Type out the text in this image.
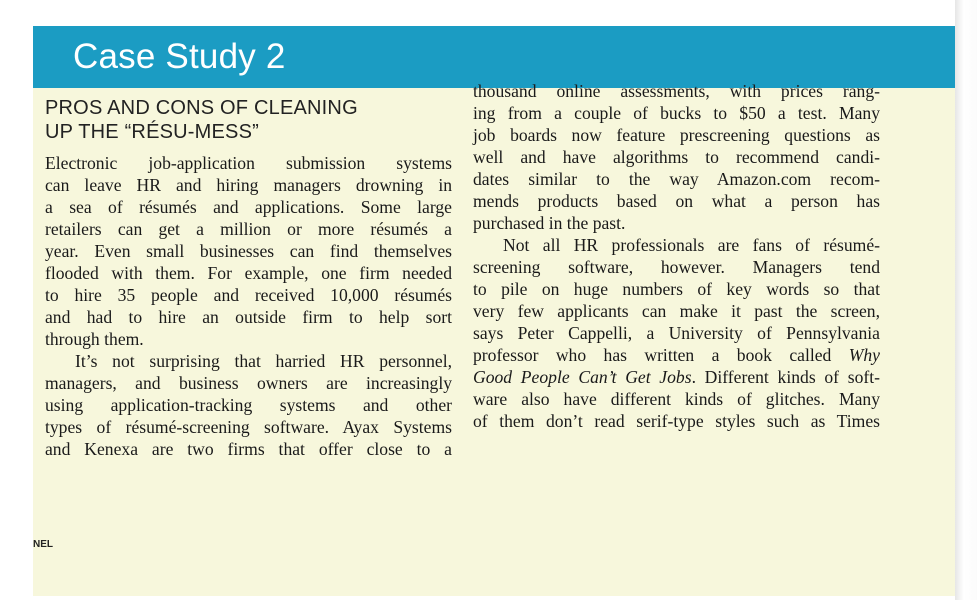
Case Study 2
PROS AND CONS OF CLEANING
UP THE “RÉSU-MESS”
Electronic job-application submission systems
can leave HR and hiring managers drowning in
a sea of résumés and applications. Some large
retailers can get a million or more résumés a
year. Even small businesses can find themselves
flooded with them. For example, one firm needed
to hire 35 people and received 10,000 résumés
and had to hire an outside firm to help sort
through them.
It’s not surprising that harried HR personnel,
managers, and business owners are increasingly
using application-tracking systems and other
types of résumé-screening software. Ayax Systems
and Kenexa are two firms that offer close to a
thousand online assessments, with prices rang-
ing from a couple of bucks to $50 a test. Many
job boards now feature prescreening questions as
well and have algorithms to recommend candi-
dates similar to the way Amazon.com recom-
mends products based on what a person has
purchased in the past.
Not all HR professionals are fans of résumé-
screening software, however. Managers tend
to pile on huge numbers of key words so that
very few applicants can make it past the screen,
says Peter Cappelli, a University of Pennsylvania
professor who has written a book called Why
Good People Can’t Get Jobs. Different kinds of soft-
ware also have different kinds of glitches. Many
of them don’t read serif-type styles such as Times
NEL
